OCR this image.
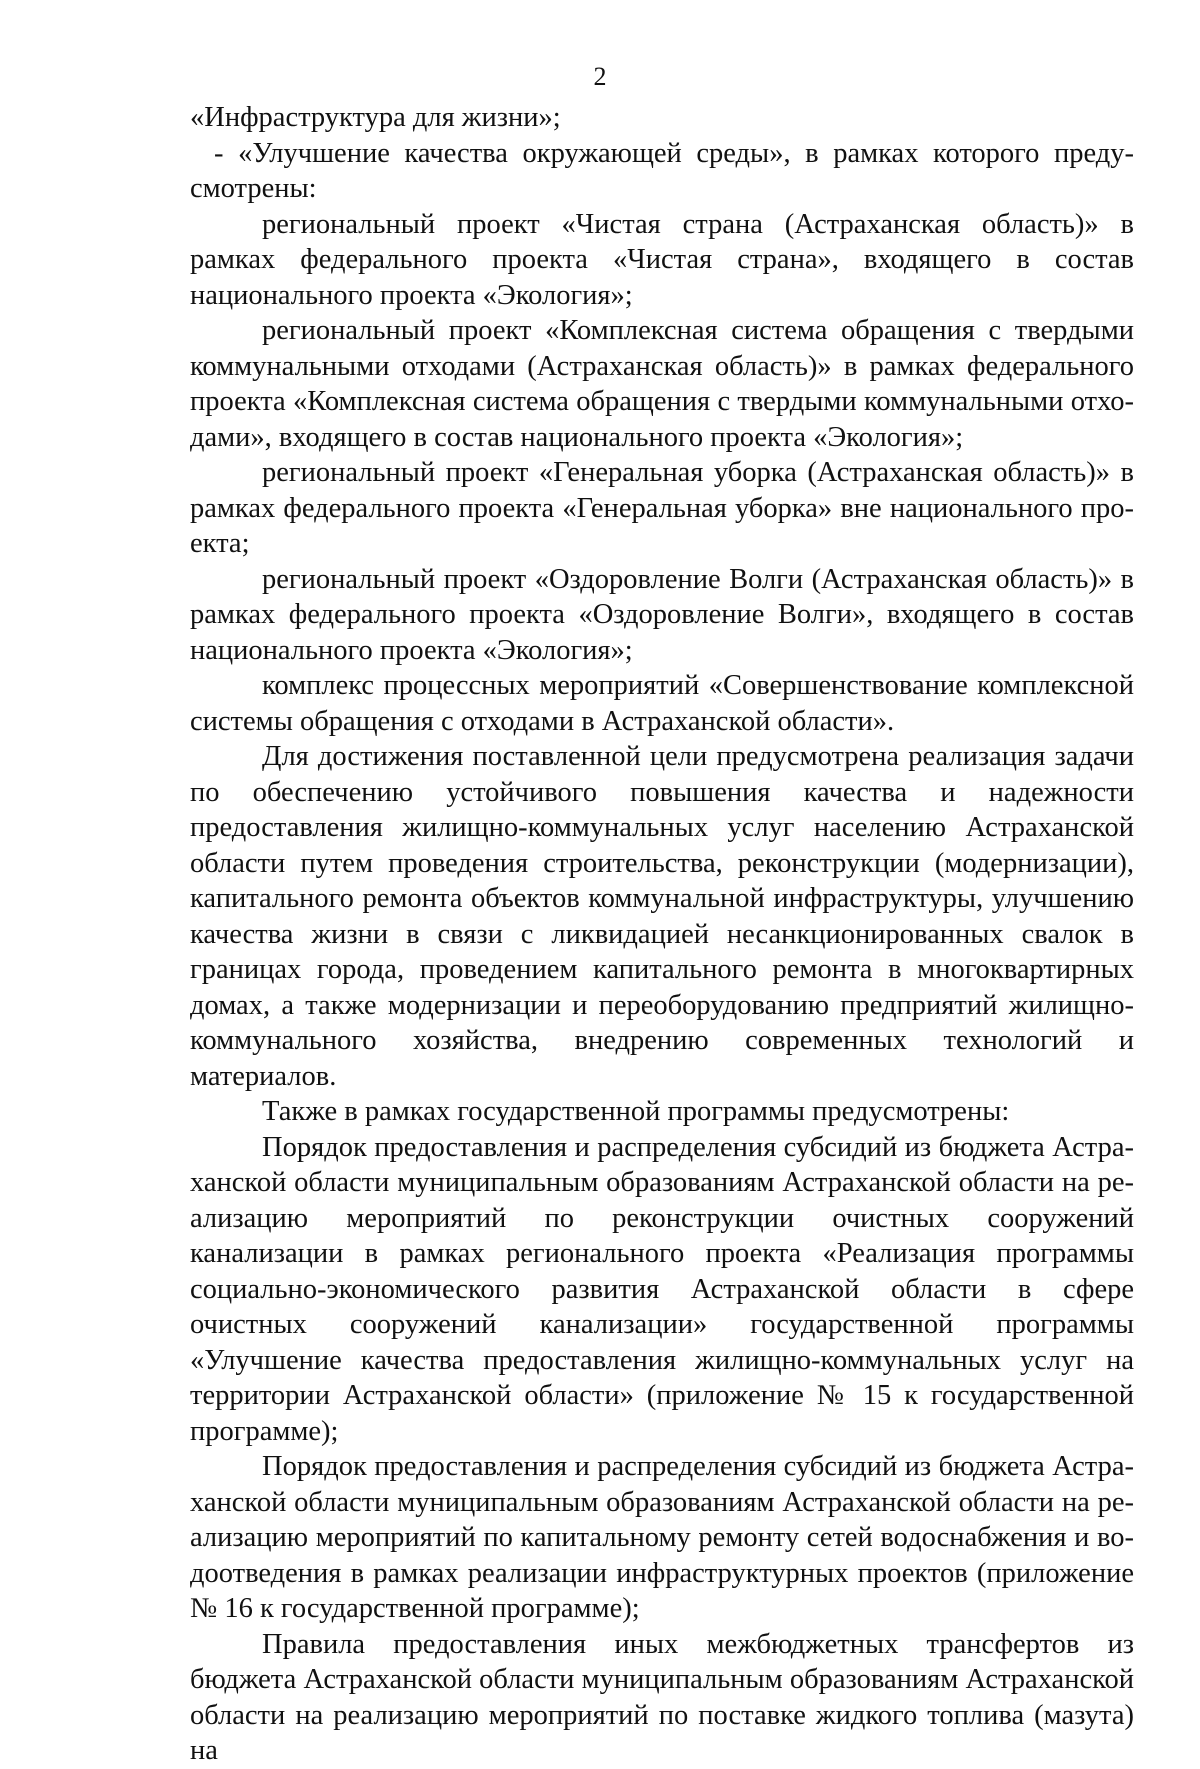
2

«Инфраструктура для жизни»;

- «Улучшение качества окружающей среды», в рамках которого предусмотрены:

региональный проект «Чистая страна (Астраханская область)» в рамках федерального проекта «Чистая страна», входящего в состав национального проекта «Экология»;

региональный проект «Комплексная система обращения с твердыми коммунальными отходами (Астраханская область)» в рамках федерального проекта «Комплексная система обращения с твердыми коммунальными отходами», входящего в состав национального проекта «Экология»;

региональный проект «Генеральная уборка (Астраханская область)» в рамках федерального проекта «Генеральная уборка» вне национального проекта;

региональный проект «Оздоровление Волги (Астраханская область)» в рамках федерального проекта «Оздоровление Волги», входящего в состав национального проекта «Экология»;

комплекс процессных мероприятий «Совершенствование комплексной системы обращения с отходами в Астраханской области».

Для достижения поставленной цели предусмотрена реализация задачи по обеспечению устойчивого повышения качества и надежности предоставления жилищно-коммунальных услуг населению Астраханской области путем проведения строительства, реконструкции (модернизации), капитального ремонта объектов коммунальной инфраструктуры, улучшению качества жизни в связи с ликвидацией несанкционированных свалок в границах города, проведением капитального ремонта в многоквартирных домах, а также модернизации и переоборудованию предприятий жилищно-коммунального хозяйства, внедрению современных технологий и материалов.

Также в рамках государственной программы предусмотрены:

Порядок предоставления и распределения субсидий из бюджета Астраханской области муниципальным образованиям Астраханской области на реализацию мероприятий по реконструкции очистных сооружений канализации в рамках регионального проекта «Реализация программы социально-экономического развития Астраханской области в сфере очистных сооружений канализации» государственной программы «Улучшение качества предоставления жилищно-коммунальных услуг на территории Астраханской области» (приложение № 15 к государственной программе);

Порядок предоставления и распределения субсидий из бюджета Астраханской области муниципальным образованиям Астраханской области на реализацию мероприятий по капитальному ремонту сетей водоснабжения и водоотведения в рамках реализации инфраструктурных проектов (приложение № 16 к государственной программе);

Правила предоставления иных межбюджетных трансфертов из бюджета Астраханской области муниципальным образованиям Астраханской области на реализацию мероприятий по поставке жидкого топлива (мазута) на
